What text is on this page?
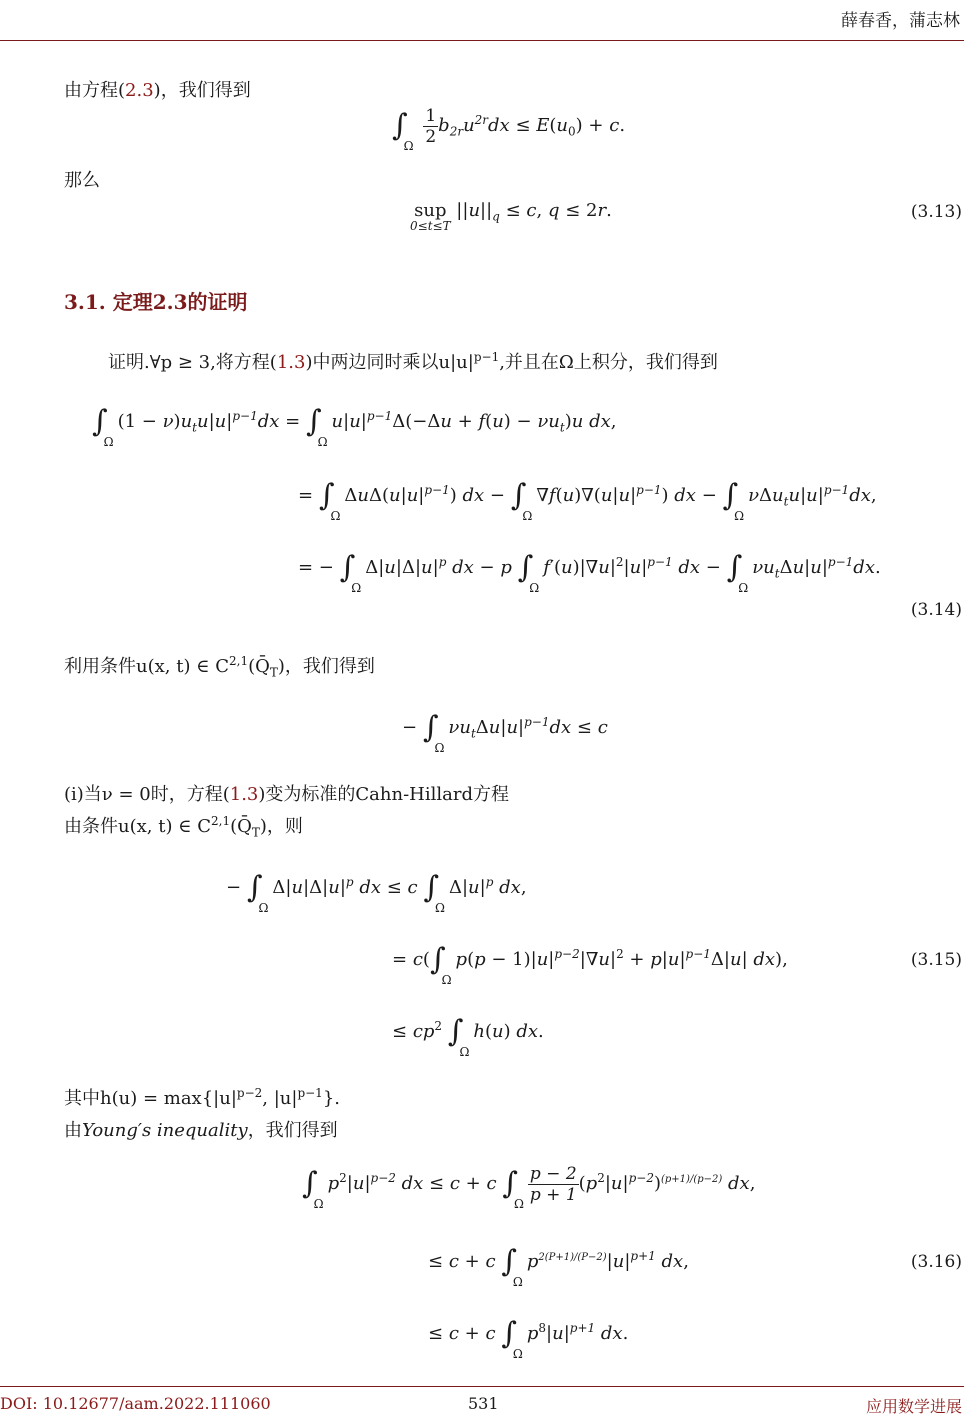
薛春香，蒲志林
由方程(2.3)，我们得到
$\int_\Omega \frac{1}{2} b_{2r}u^{2r}dx \le E(u_0) + c$.
那么
sup
0≤t≤T
$||u||_q \le c$, q ≤ 2r.	(3.13)
3.1. 定理2.3的证明
证明.∀p ≥ 3,将方程(1.3)中两边同时乘以$u|u|^{p-1}$,并且在Ω上积分，我们得到
$\int_\Omega(1 - \nu)u_tu|u|^{p-1}dx = \int_\Omega u|u|^{p-1}\Delta(-\Delta u + f(u) - \nu u_t)u$ dx,
= $\int_\Omega\Delta u\Delta(u|u|^{p-1})$ dx − $\int_\Omega\nabla f(u)\nabla(u|u|^{p-1})$ dx − $\int_\Omega\nu\Delta u_tu|u|^{p-1}dx$,
= − $\int_\Omega\Delta|u|\Delta|u|^p$ dx − p $\int_\Omega f'(u)|\nabla u|^2|u|^{p-1}$ dx − $\int_\Omega\nu u_t\Delta u|u|^{p-1}dx$.
(3.14)
利用条件u(x, t) ∈ $C^{2,1}(Q̄_T)$，我们得到
− $\int_\Omega\nu u_t\Delta u|u|^{p-1}dx \le c$
(i)当ν = 0时，方程(1.3)变为标准的Cahn-Hillard方程
由条件u(x, t) ∈ $C^{2,1}(Q̄_T)$，则
− $\int_\Omega\Delta|u|\Delta|u|^p$ dx ≤ c $\int_\Omega\Delta|u|^p$ dx,
= $c(\int_\Omega p(p - 1)|u|^{p-2}|\nabla u|^2 + p|u|^{p-1}\Delta|u|$ dx),	(3.15)
≤ $cp^2$ $\int_\Omega h(u)$ dx.
其中$h(u) = \max\{|u|^{p-2}$, $|u|^{p-1}$}.
由Young′s inequality，我们得到
$\int_\Omega p^2|u|^{p-2}$ dx ≤ c + c $\int_\Omega \frac{p - 2}{p + 1} (p^2|u|^{p-2})^{(p+1)/(p-2)}$ dx,
≤ c + c $\int_\Omega p^{2(P+1)/(P-2)}|u|^{p+1}$ dx,	(3.16)
≤ c + c $\int_\Omega p^8|u|^{p+1}$ dx.
DOI: 10.12677/aam.2022.111060	531	应用数学进展
